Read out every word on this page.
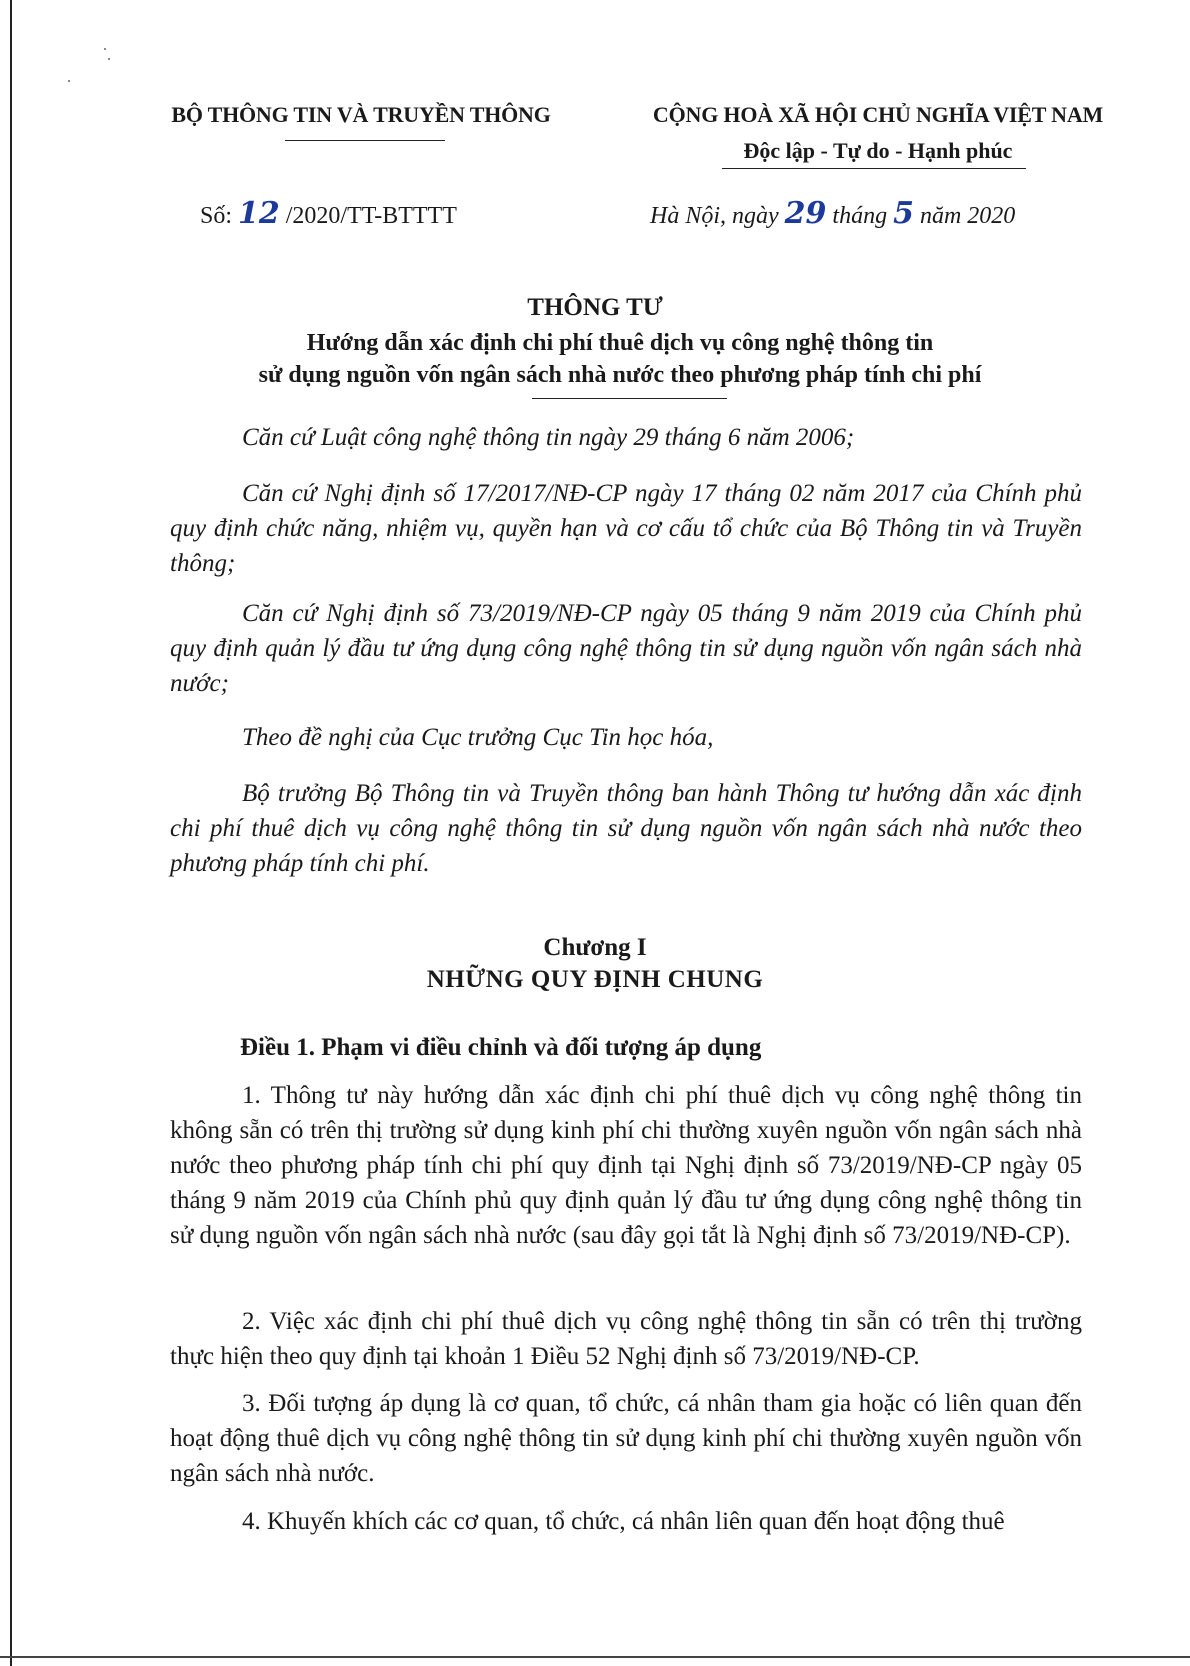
BỘ THÔNG TIN VÀ TRUYỀN THÔNG	CỘNG HOÀ XÃ HỘI CHỦ NGHĨA VIỆT NAM
Độc lập - Tự do - Hạnh phúc
Số: 12 /2020/TT-BTTTT	Hà Nội, ngày 29 tháng 5 năm 2020
THÔNG TƯ
Hướng dẫn xác định chi phí thuê dịch vụ công nghệ thông tin
sử dụng nguồn vốn ngân sách nhà nước theo phương pháp tính chi phí
Căn cứ Luật công nghệ thông tin ngày 29 tháng 6 năm 2006;
Căn cứ Nghị định số 17/2017/NĐ-CP ngày 17 tháng 02 năm 2017 của Chính phủ quy định chức năng, nhiệm vụ, quyền hạn và cơ cấu tổ chức của Bộ Thông tin và Truyền thông;
Căn cứ Nghị định số 73/2019/NĐ-CP ngày 05 tháng 9 năm 2019 của Chính phủ quy định quản lý đầu tư ứng dụng công nghệ thông tin sử dụng nguồn vốn ngân sách nhà nước;
Theo đề nghị của Cục trưởng Cục Tin học hóa,
Bộ trưởng Bộ Thông tin và Truyền thông ban hành Thông tư hướng dẫn xác định chi phí thuê dịch vụ công nghệ thông tin sử dụng nguồn vốn ngân sách nhà nước theo phương pháp tính chi phí.
Chương I
NHỮNG QUY ĐỊNH CHUNG
Điều 1. Phạm vi điều chỉnh và đối tượng áp dụng
1. Thông tư này hướng dẫn xác định chi phí thuê dịch vụ công nghệ thông tin không sẵn có trên thị trường sử dụng kinh phí chi thường xuyên nguồn vốn ngân sách nhà nước theo phương pháp tính chi phí quy định tại Nghị định số 73/2019/NĐ-CP ngày 05 tháng 9 năm 2019 của Chính phủ quy định quản lý đầu tư ứng dụng công nghệ thông tin sử dụng nguồn vốn ngân sách nhà nước (sau đây gọi tắt là Nghị định số 73/2019/NĐ-CP).
2. Việc xác định chi phí thuê dịch vụ công nghệ thông tin sẵn có trên thị trường thực hiện theo quy định tại khoản 1 Điều 52 Nghị định số 73/2019/NĐ-CP.
3. Đối tượng áp dụng là cơ quan, tổ chức, cá nhân tham gia hoặc có liên quan đến hoạt động thuê dịch vụ công nghệ thông tin sử dụng kinh phí chi thường xuyên nguồn vốn ngân sách nhà nước.
4. Khuyến khích các cơ quan, tổ chức, cá nhân liên quan đến hoạt động thuê
